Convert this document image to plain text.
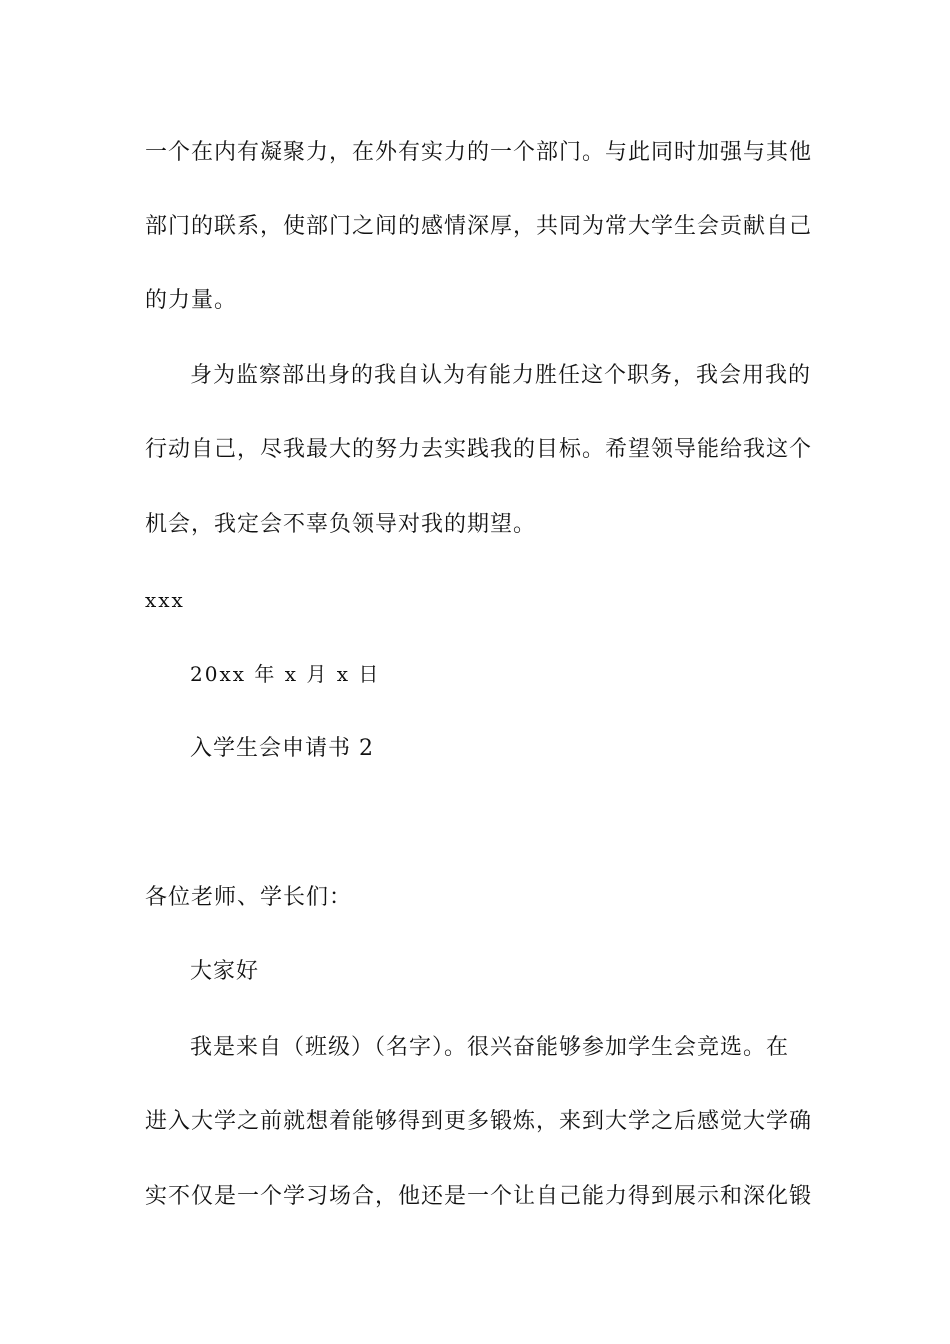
一个在内有凝聚力，在外有实力的一个部门。与此同时加强与其他
部门的联系，使部门之间的感情深厚，共同为常大学生会贡献自己
的力量。
身为监察部出身的我自认为有能力胜任这个职务，我会用我的
行动自己，尽我最大的努力去实践我的目标。希望领导能给我这个
机会，我定会不辜负领导对我的期望。
xxx
20xx 年 x 月 x 日
入学生会申请书 2
各位老师、学长们：
大家好
我是来自（班级）（名字）。很兴奋能够参加学生会竞选。在
进入大学之前就想着能够得到更多锻炼，来到大学之后感觉大学确
实不仅是一个学习场合，他还是一个让自己能力得到展示和深化锻
